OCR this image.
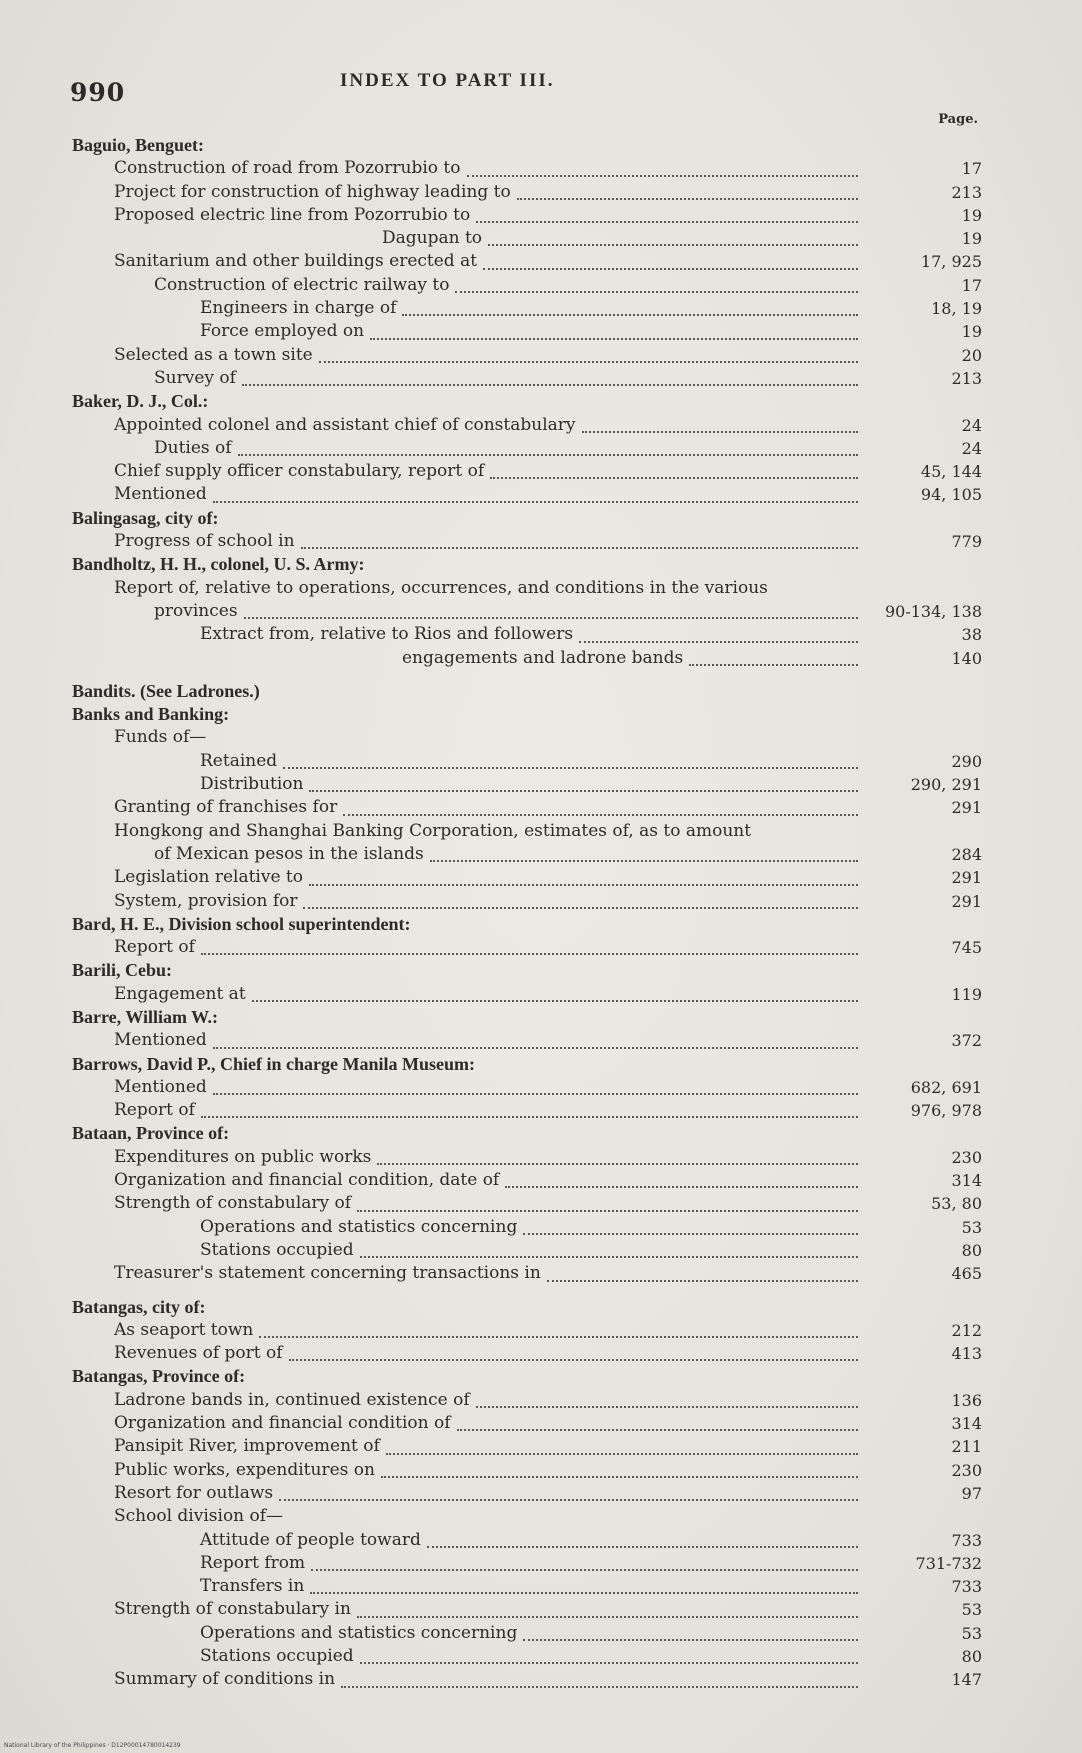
990	INDEX TO PART III.
Page.
Baguio, Benguet:
Construction of road from Pozorrubio to	17
Project for construction of highway leading to	213
Proposed electric line from Pozorrubio to	19
Dagupan to	19
Sanitarium and other buildings erected at	17, 925
Construction of electric railway to	17
Engineers in charge of	18, 19
Force employed on	19
Selected as a town site	20
Survey of	213
Baker, D. J., Col.:
Appointed colonel and assistant chief of constabulary	24
Duties of	24
Chief supply officer constabulary, report of	45, 144
Mentioned	94, 105
Balingasag, city of:
Progress of school in	779
Bandholtz, H. H., colonel, U. S. Army:
Report of, relative to operations, occurrences, and conditions in the various
provinces	90-134, 138
Extract from, relative to Rios and followers	38
engagements and ladrone bands	140
Bandits. (See Ladrones.)
Banks and Banking:
Funds of—
Retained	290
Distribution	290, 291
Granting of franchises for	291
Hongkong and Shanghai Banking Corporation, estimates of, as to amount
of Mexican pesos in the islands	284
Legislation relative to	291
System, provision for	291
Bard, H. E., Division school superintendent:
Report of	745
Barili, Cebu:
Engagement at	119
Barre, William W.:
Mentioned	372
Barrows, David P., Chief in charge Manila Museum:
Mentioned	682, 691
Report of	976, 978
Bataan, Province of:
Expenditures on public works	230
Organization and financial condition, date of	314
Strength of constabulary of	53, 80
Operations and statistics concerning	53
Stations occupied	80
Treasurer's statement concerning transactions in	465
Batangas, city of:
As seaport town	212
Revenues of port of	413
Batangas, Province of:
Ladrone bands in, continued existence of	136
Organization and financial condition of	314
Pansipit River, improvement of	211
Public works, expenditures on	230
Resort for outlaws	97
School division of—
Attitude of people toward	733
Report from	731-732
Transfers in	733
Strength of constabulary in	53
Operations and statistics concerning	53
Stations occupied	80
Summary of conditions in	147
National Library of the Philippines · D12P00014780014239
